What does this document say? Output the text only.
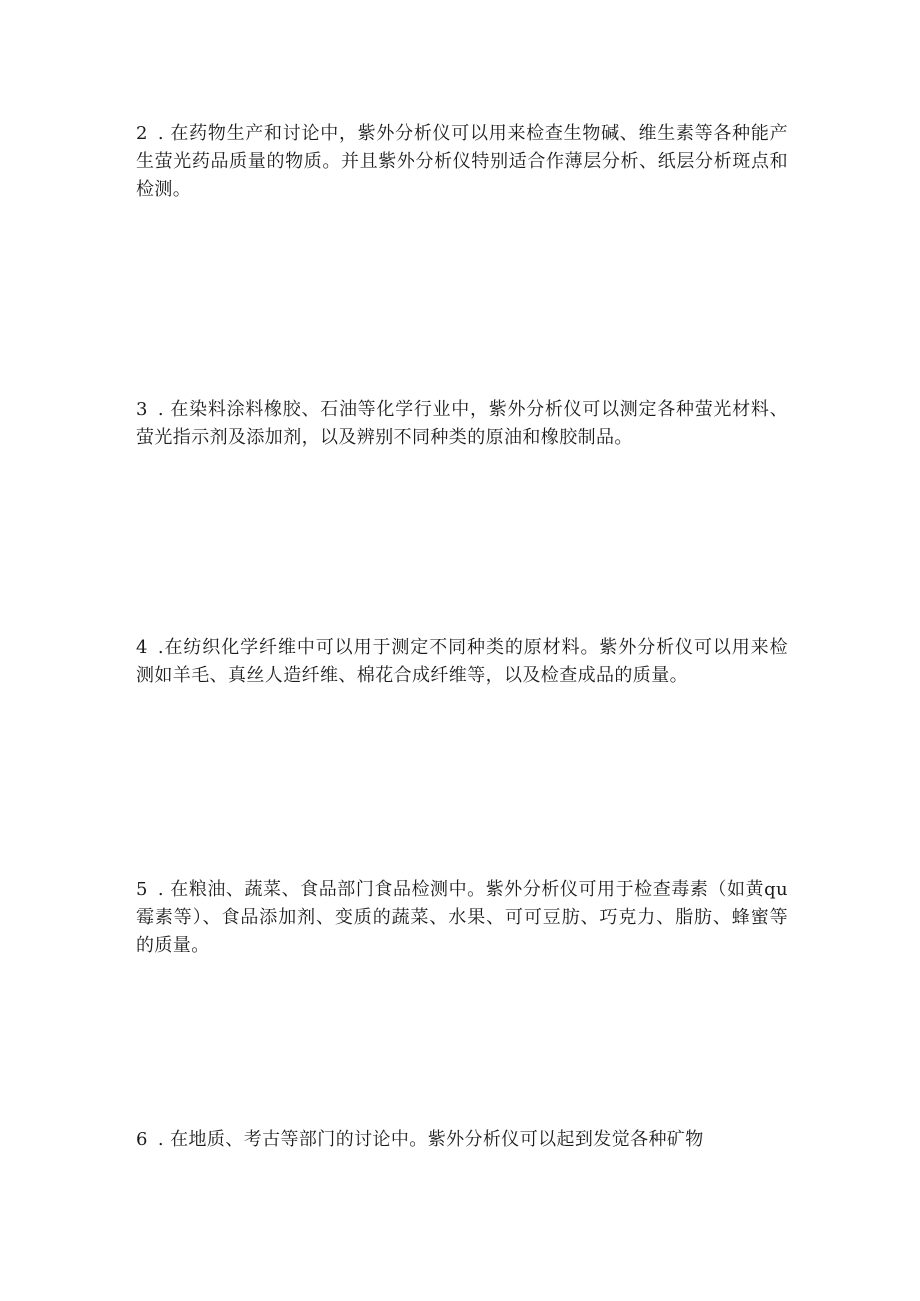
2 . 在药物生产和讨论中，紫外分析仪可以用来检查生物碱、维生素等各种能产生萤光药品质量的物质。并且紫外分析仪特别适合作薄层分析、纸层分析斑点和检测。

3 . 在染料涂料橡胶、石油等化学行业中，紫外分析仪可以测定各种萤光材料、萤光指示剂及添加剂，以及辨别不同种类的原油和橡胶制品。

4 .在纺织化学纤维中可以用于测定不同种类的原材料。紫外分析仪可以用来检测如羊毛、真丝人造纤维、棉花合成纤维等，以及检查成品的质量。

5 . 在粮油、蔬菜、食品部门食品检测中。紫外分析仪可用于检查毒素（如黄qu霉素等）、食品添加剂、变质的蔬菜、水果、可可豆肪、巧克力、脂肪、蜂蜜等的质量。

6 . 在地质、考古等部门的讨论中。紫外分析仪可以起到发觉各种矿物
